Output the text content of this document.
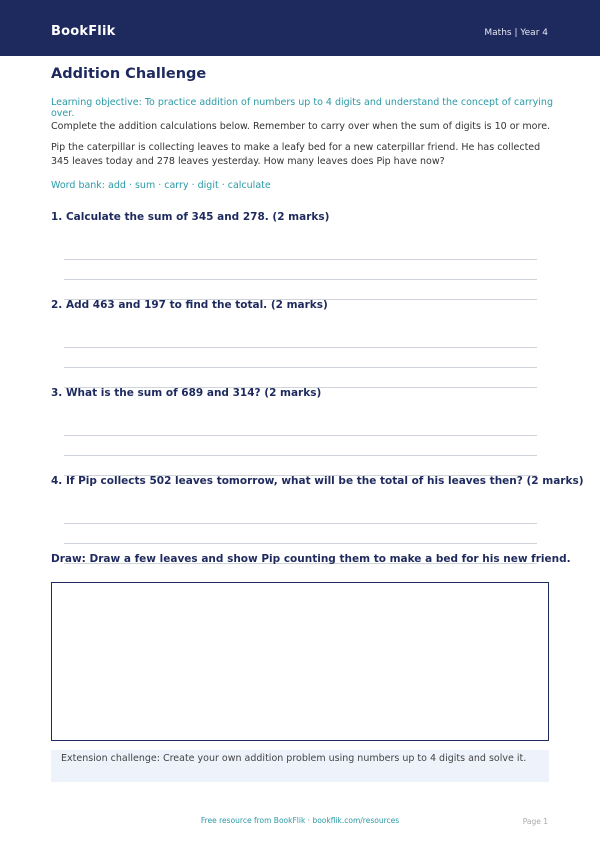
BookFlik	Maths | Year 4
Addition Challenge
Learning objective: To practice addition of numbers up to 4 digits and understand the concept of carrying over.
Complete the addition calculations below. Remember to carry over when the sum of digits is 10 or more.
Pip the caterpillar is collecting leaves to make a leafy bed for a new caterpillar friend. He has collected 345 leaves today and 278 leaves yesterday. How many leaves does Pip have now?
Word bank: add · sum · carry · digit · calculate
1. Calculate the sum of 345 and 278. (2 marks)
2. Add 463 and 197 to find the total. (2 marks)
3. What is the sum of 689 and 314? (2 marks)
4. If Pip collects 502 leaves tomorrow, what will be the total of his leaves then? (2 marks)
Draw: Draw a few leaves and show Pip counting them to make a bed for his new friend.
Extension challenge: Create your own addition problem using numbers up to 4 digits and solve it.
Free resource from BookFlik · bookflik.com/resources	Page 1
